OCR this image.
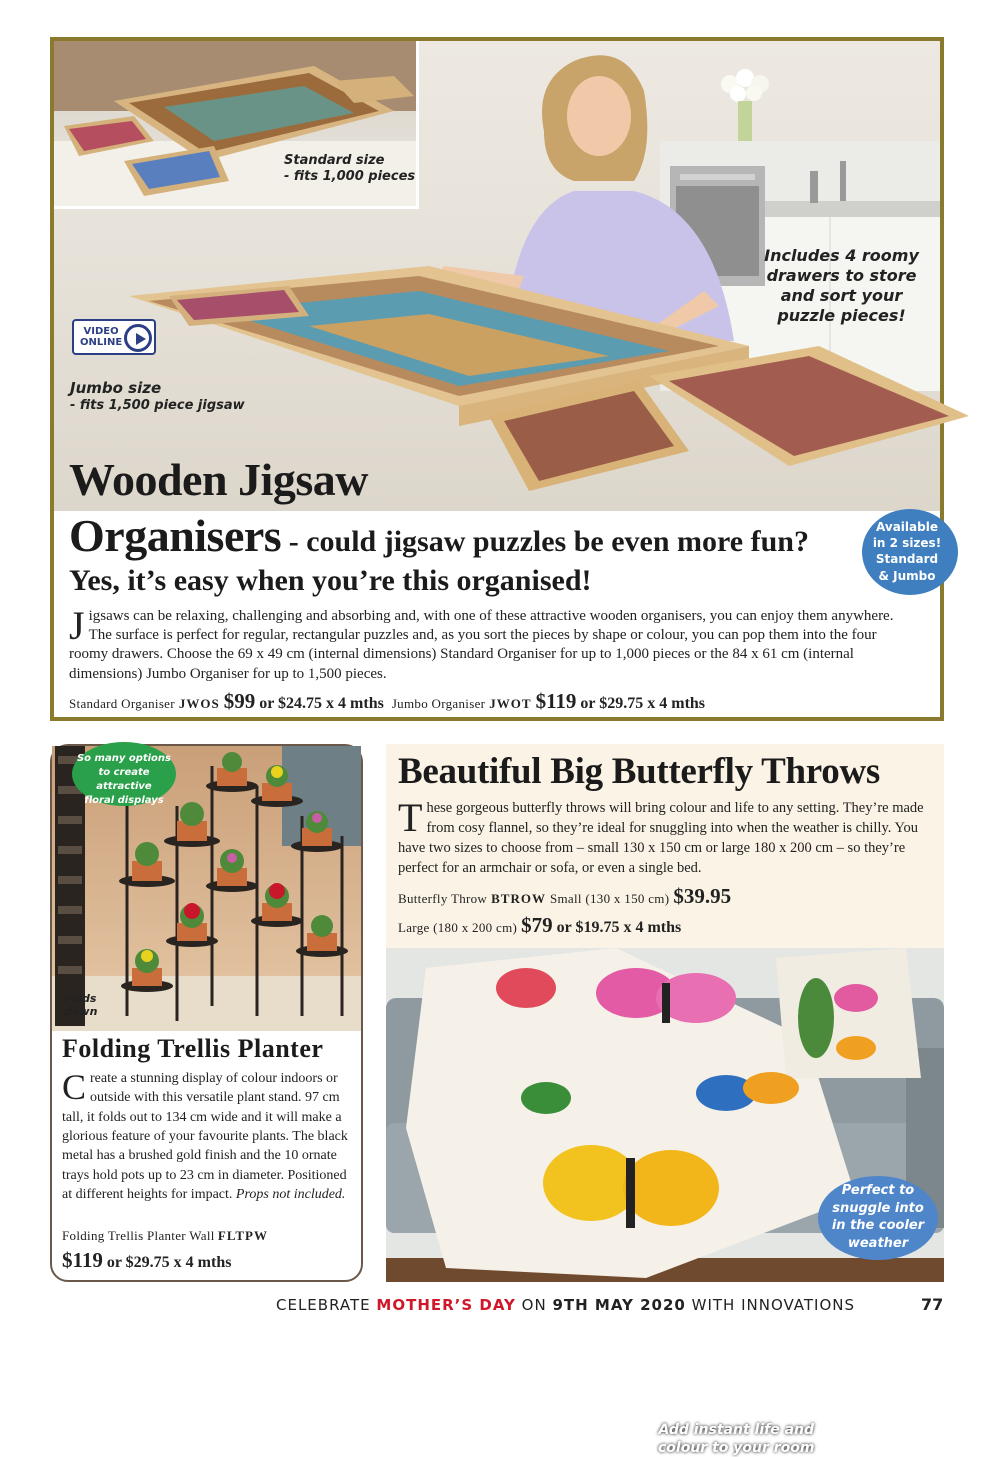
Standard size
- fits 1,000 pieces
Includes 4 roomy
drawers to store
and sort your
puzzle pieces!
VIDEO
ONLINE
Jumbo size
- fits 1,500 piece jigsaw
Wooden Jigsaw
Organisers - could jigsaw puzzles be even more fun?
Yes, it’s easy when you’re this organised!
Available
in 2 sizes!
Standard
& Jumbo
Jigsaws can be relaxing, challenging and absorbing and, with one of these attractive wooden organisers, you can enjoy them anywhere. The surface is perfect for regular, rectangular puzzles and, as you sort the pieces by shape or colour, you can pop them into the four roomy drawers. Choose the 69 x 49 cm (internal dimensions) Standard Organiser for up to 1,000 pieces or the 84 x 61 cm (internal dimensions) Jumbo Organiser for up to 1,500 pieces.
Standard Organiser JWOS $99 or $24.75 x 4 mths Jumbo Organiser JWOT $119 or $29.75 x 4 mths
So many options
to create attractive
floral displays
Folds
down
Folding Trellis Planter
Create a stunning display of colour indoors or outside with this versatile plant stand. 97 cm tall, it folds out to 134 cm wide and it will make a glorious feature of your favourite plants. The black metal has a brushed gold finish and the 10 ornate trays hold pots up to 23 cm in diameter. Positioned at different heights for impact. Props not included.
Folding Trellis Planter Wall FLTPW
$119 or $29.75 x 4 mths
Beautiful Big Butterfly Throws
These gorgeous butterfly throws will bring colour and life to any setting. They’re made from cosy flannel, so they’re ideal for snuggling into when the weather is chilly. You have two sizes to choose from – small 130 x 150 cm or large 180 x 200 cm – so they’re perfect for an armchair or sofa, or even a single bed.
Butterfly Throw BTROW Small (130 x 150 cm) $39.95
Large (180 x 200 cm) $79 or $19.75 x 4 mths
Add instant life and
colour to your room
Perfect to
snuggle into
in the cooler
weather
CELEBRATE MOTHER’S DAY ON 9TH MAY 2020 WITH INNOVATIONS	77
